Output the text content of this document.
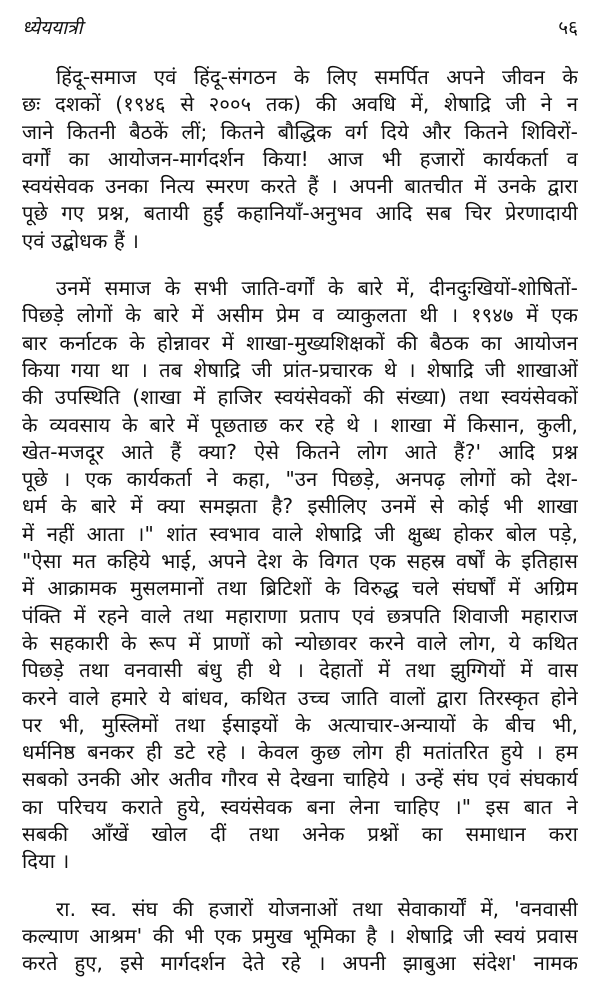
ध्येययात्री	५६

हिंदू-समाज एवं हिंदू-संगठन के लिए समर्पित अपने जीवन के
छः दशकों (१९४६ से २००५ तक) की अवधि में, शेषाद्रि जी ने न
जाने कितनी बैठकें लीं; कितने बौद्धिक वर्ग दिये और कितने शिविरों-
वर्गों का आयोजन-मार्गदर्शन किया! आज भी हजारों कार्यकर्ता व
स्वयंसेवक उनका नित्य स्मरण करते हैं । अपनी बातचीत में उनके द्वारा
पूछे गए प्रश्न, बतायी हुईं कहानियाँ-अनुभव आदि सब चिर प्रेरणादायी
एवं उद्बोधक हैं ।

उनमें समाज के सभी जाति-वर्गों के बारे में, दीनदुःखियों-शोषितों-
पिछड़े लोगों के बारे में असीम प्रेम व व्याकुलता थी । १९४७ में एक
बार कर्नाटक के होन्नावर में शाखा-मुख्यशिक्षकों की बैठक का आयोजन
किया गया था । तब शेषाद्रि जी प्रांत-प्रचारक थे । शेषाद्रि जी शाखाओं
की उपस्थिति (शाखा में हाजिर स्वयंसेवकों की संख्या) तथा स्वयंसेवकों
के व्यवसाय के बारे में पूछताछ कर रहे थे । शाखा में किसान, कुली,
खेत-मजदूर आते हैं क्या? ऐसे कितने लोग आते हैं?' आदि प्रश्न
पूछे । एक कार्यकर्ता ने कहा, "उन पिछड़े, अनपढ़ लोगों को देश-
धर्म के बारे में क्या समझता है? इसीलिए उनमें से कोई भी शाखा
में नहीं आता ।" शांत स्वभाव वाले शेषाद्रि जी क्षुब्ध होकर बोल पड़े,
"ऐसा मत कहिये भाई, अपने देश के विगत एक सहस्र वर्षों के इतिहास
में आक्रामक मुसलमानों तथा ब्रिटिशों के विरुद्ध चले संघर्षों में अग्रिम
पंक्ति में रहने वाले तथा महाराणा प्रताप एवं छत्रपति शिवाजी महाराज
के सहकारी के रूप में प्राणों को न्योछावर करने वाले लोग, ये कथित
पिछड़े तथा वनवासी बंधु ही थे । देहातों में तथा झुग्गियों में वास
करने वाले हमारे ये बांधव, कथित उच्च जाति वालों द्वारा तिरस्कृत होने
पर भी, मुस्लिमों तथा ईसाइयों के अत्याचार-अन्यायों के बीच भी,
धर्मनिष्ठ बनकर ही डटे रहे । केवल कुछ लोग ही मतांतरित हुये । हम
सबको उनकी ओर अतीव गौरव से देखना चाहिये । उन्हें संघ एवं संघकार्य
का परिचय कराते हुये, स्वयंसेवक बना लेना चाहिए ।" इस बात ने
सबकी आँखें खोल दीं तथा अनेक प्रश्नों का समाधान करा
दिया ।

रा. स्व. संघ की हजारों योजनाओं तथा सेवाकार्यों में, 'वनवासी
कल्याण आश्रम' की भी एक प्रमुख भूमिका है । शेषाद्रि जी स्वयं प्रवास
करते हुए, इसे मार्गदर्शन देते रहे । अपनी झाबुआ संदेश' नामक
